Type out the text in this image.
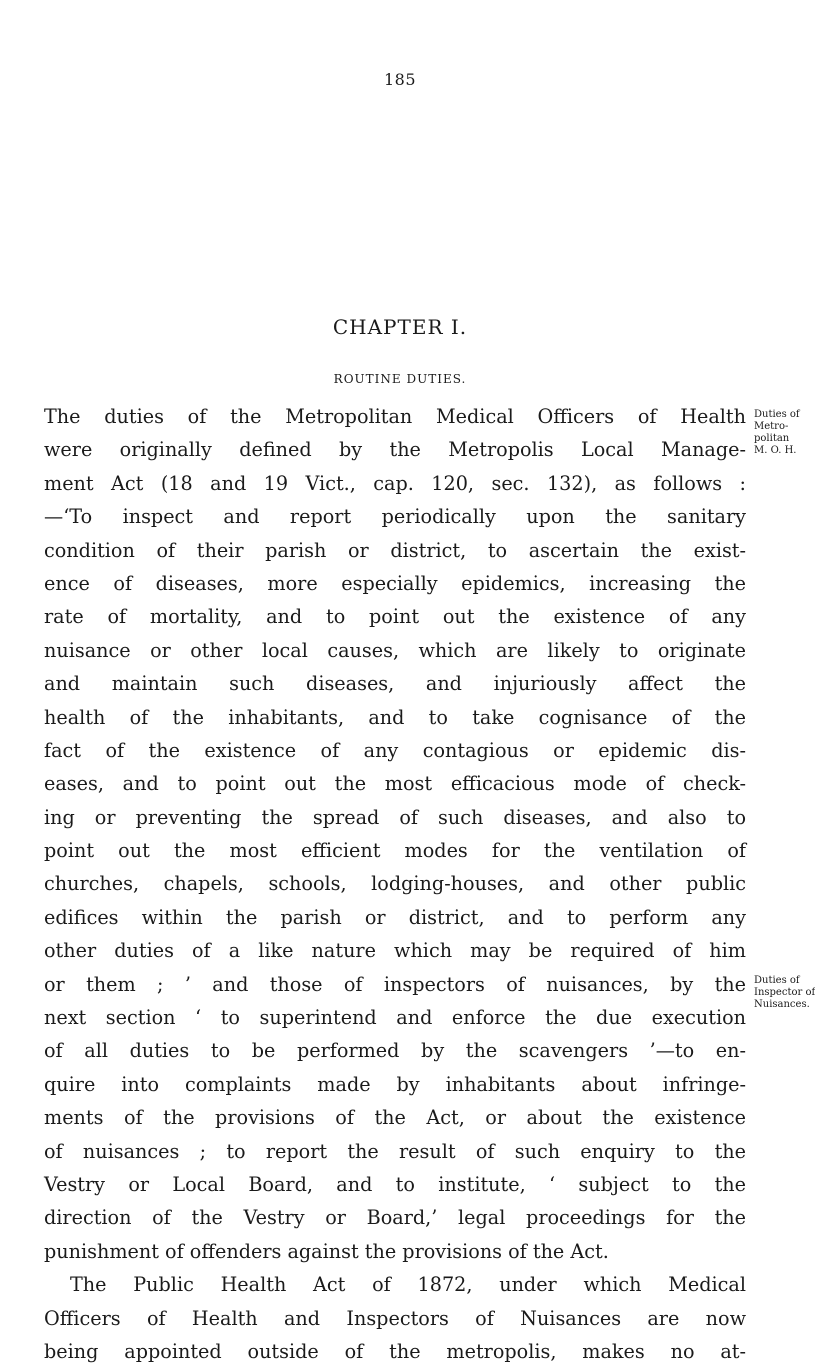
185
CHAPTER I.
ROUTINE DUTIES.
The duties of the Metropolitan Medical Officers of Health
were originally defined by the Metropolis Local Manage-
ment Act (18 and 19 Vict., cap. 120, sec. 132), as follows :
—‘To inspect and report periodically upon the sanitary
condition of their parish or district, to ascertain the exist-
ence of diseases, more especially epidemics, increasing the
rate of mortality, and to point out the existence of any
nuisance or other local causes, which are likely to originate
and maintain such diseases, and injuriously affect the
health of the inhabitants, and to take cognisance of the
fact of the existence of any contagious or epidemic dis-
eases, and to point out the most efficacious mode of check-
ing or preventing the spread of such diseases, and also to
point out the most efficient modes for the ventilation of
churches, chapels, schools, lodging-houses, and other public
edifices within the parish or district, and to perform any
other duties of a like nature which may be required of him
or them ; ’ and those of inspectors of nuisances, by the
next section ‘ to superintend and enforce the due execution
of all duties to be performed by the scavengers ’—to en-
quire into complaints made by inhabitants about infringe-
ments of the provisions of the Act, or about the existence
of nuisances ; to report the result of such enquiry to the
Vestry or Local Board, and to institute, ‘ subject to the
direction of the Vestry or Board,’ legal proceedings for the
punishment of offenders against the provisions of the Act.
The Public Health Act of 1872, under which Medical
Officers of Health and Inspectors of Nuisances are now
being appointed outside of the metropolis, makes no at-
Duties of
Metro-
politan
M. O. H.
Duties of
Inspector of
Nuisances.
